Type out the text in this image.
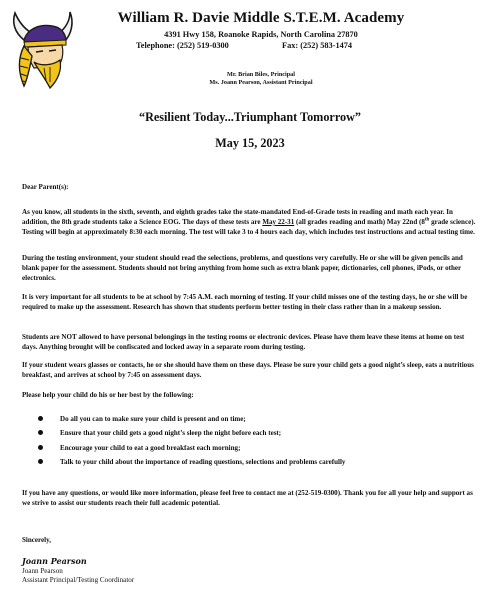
William R. Davie Middle S.T.E.M. Academy
4391 Hwy 158, Roanoke Rapids, North Carolina 27870
Telephone: (252) 519-0300	Fax: (252) 583-1474
Mr. Brian Biles, Principal
Ms. Joann Pearson, Assistant Principal
“Resilient Today...Triumphant Tomorrow”
May 15, 2023
Dear Parent(s):
As you know, all students in the sixth, seventh, and eighth grades take the state-mandated End-of-Grade tests in reading and math each year. In addition, the 8th grade students take a Science EOG. The days of these tests are May 22-31 (all grades reading and math) May 22nd (8th grade science). Testing will begin at approximately 8:30 each morning. The test will take 3 to 4 hours each day, which includes test instructions and actual testing time.
During the testing environment, your student should read the selections, problems, and questions very carefully. He or she will be given pencils and blank paper for the assessment. Students should not bring anything from home such as extra blank paper, dictionaries, cell phones, iPods, or other electronics.
It is very important for all students to be at school by 7:45 A.M. each morning of testing. If your child misses one of the testing days, he or she will be required to make up the assessment. Research has shown that students perform better testing in their class rather than in a makeup session.
Students are NOT allowed to have personal belongings in the testing rooms or electronic devices. Please have them leave these items at home on test days. Anything brought will be confiscated and locked away in a separate room during testing.
If your student wears glasses or contacts, he or she should have them on these days. Please be sure your child gets a good night’s sleep, eats a nutritious breakfast, and arrives at school by 7:45 on assessment days.
Please help your child do his or her best by the following:
Do all you can to make sure your child is present and on time;
Ensure that your child gets a good night’s sleep the night before each test;
Encourage your child to eat a good breakfast each morning;
Talk to your child about the importance of reading questions, selections and problems carefully
If you have any questions, or would like more information, please feel free to contact me at (252-519-0300). Thank you for all your help and support as we strive to assist our students reach their full academic potential.
Sincerely,
Joann Pearson
Joann Pearson
Assistant Principal/Testing Coordinator
